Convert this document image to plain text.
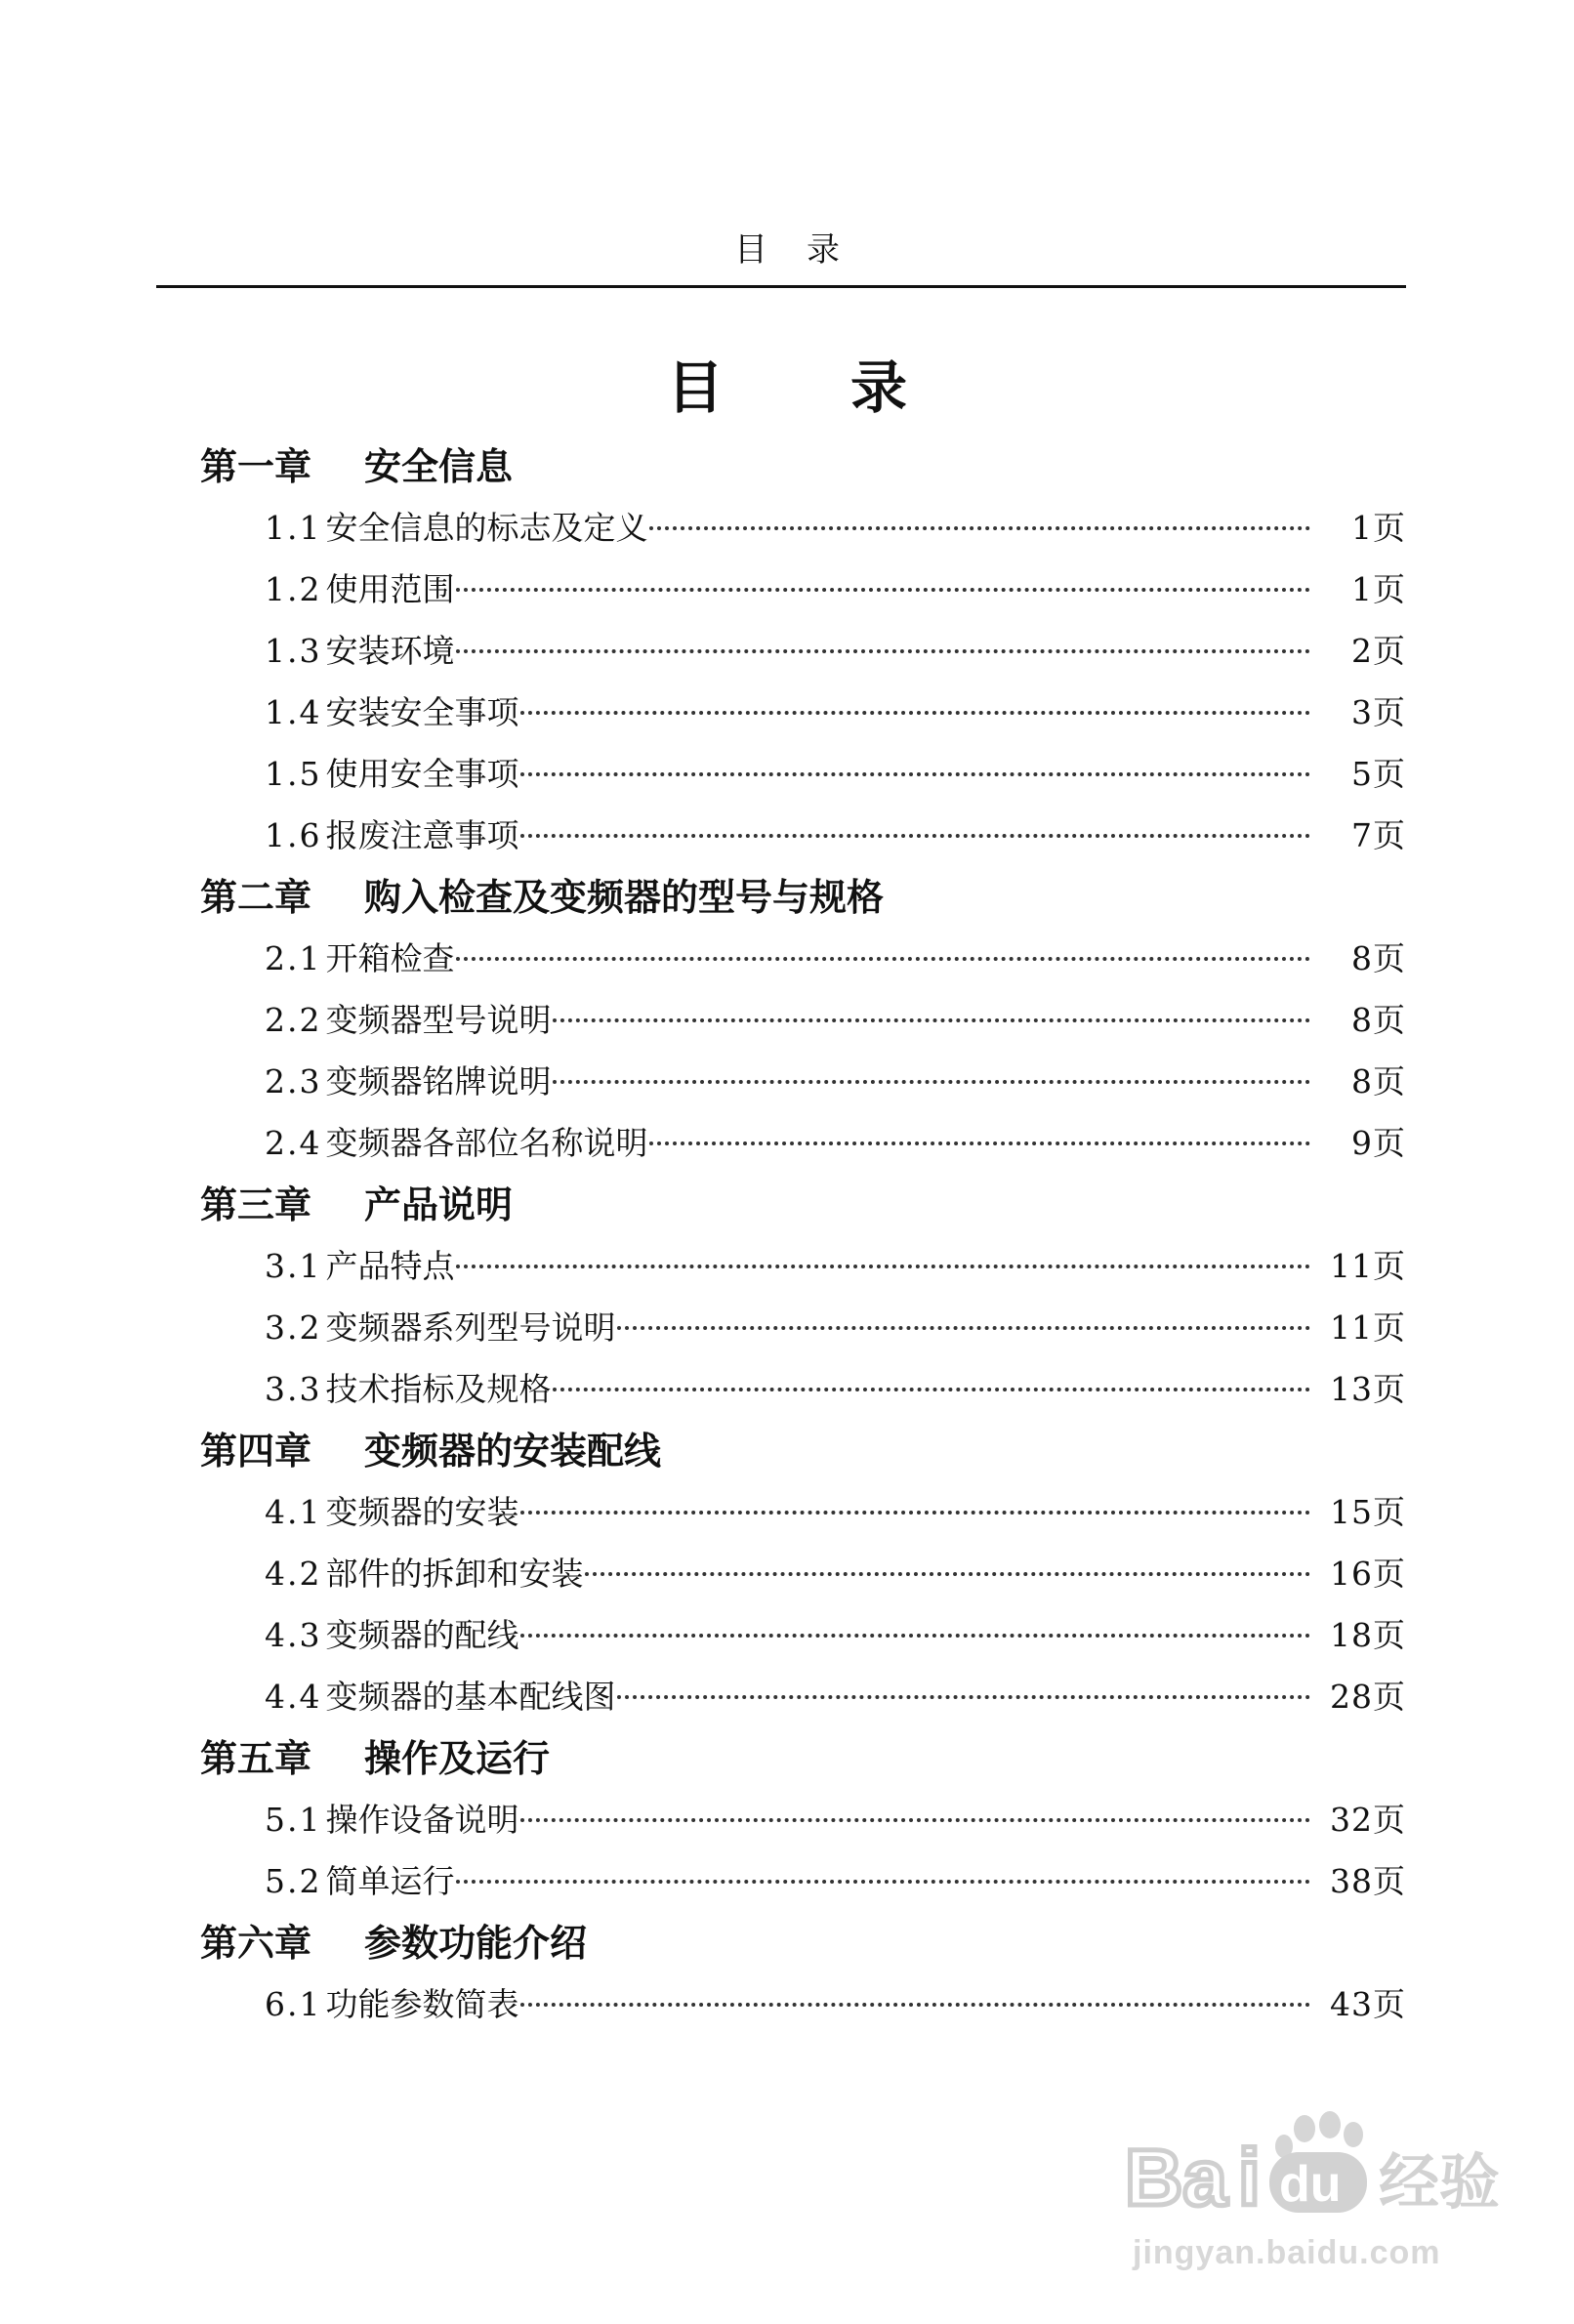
目录
目录
第一章 安全信息
1.1 安全信息的标志及定义	1页
1.2 使用范围	1页
1.3 安装环境	2页
1.4 安装安全事项	3页
1.5 使用安全事项	5页
1.6 报废注意事项	7页
第二章 购入检查及变频器的型号与规格
2.1 开箱检查	8页
2.2 变频器型号说明	8页
2.3 变频器铭牌说明	8页
2.4 变频器各部位名称说明	9页
第三章 产品说明
3.1 产品特点	11页
3.2 变频器系列型号说明	11页
3.3 技术指标及规格	13页
第四章 变频器的安装配线
4.1 变频器的安装	15页
4.2 部件的拆卸和安装	16页
4.3 变频器的配线	18页
4.4 变频器的基本配线图	28页
第五章 操作及运行
5.1 操作设备说明	32页
5.2 简单运行	38页
第六章 参数功能介绍
6.1 功能参数简表	43页
Ba i du 经验
jingyan.baidu.com
